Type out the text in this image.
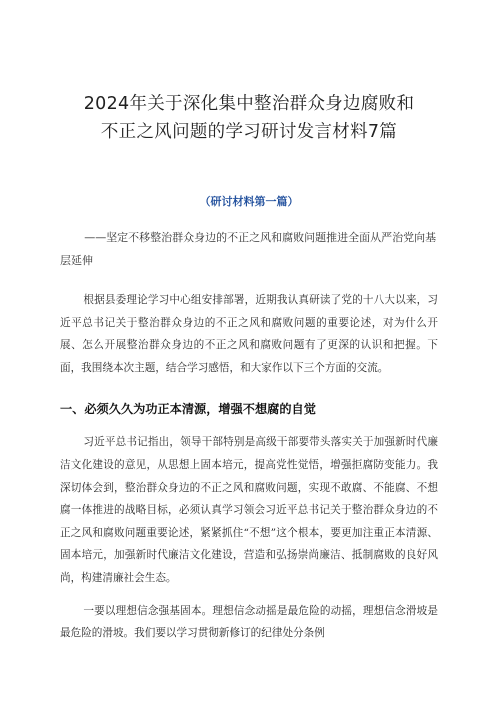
2024年关于深化集中整治群众身边腐败和
不正之风问题的学习研讨发言材料7篇
（研讨材料第一篇）
——坚定不移整治群众身边的不正之风和腐败问题推进全面从严治党向基层延伸

根据县委理论学习中心组安排部署，近期我认真研读了党的十八大以来，习近平总书记关于整治群众身边的不正之风和腐败问题的重要论述，对为什么开展、怎么开展整治群众身边的不正之风和腐败问题有了更深的认识和把握。下面，我围绕本次主题，结合学习感悟，和大家作以下三个方面的交流。

一、必须久久为功正本清源，增强不想腐的自觉

习近平总书记指出，领导干部特别是高级干部要带头落实关于加强新时代廉洁文化建设的意见，从思想上固本培元，提高党性觉悟，增强拒腐防变能力。我深切体会到，整治群众身边的不正之风和腐败问题，实现不敢腐、不能腐、不想腐一体推进的战略目标，必须认真学习领会习近平总书记关于整治群众身边的不正之风和腐败问题重要论述，紧紧抓住“不想”这个根本，要更加注重正本清源、固本培元，加强新时代廉洁文化建设，营造和弘扬崇尚廉洁、抵制腐败的良好风尚，构建清廉社会生态。

一要以理想信念强基固本。理想信念动摇是最危险的动摇，理想信念滑坡是最危险的滑坡。我们要以学习贯彻新修订的纪律处分条例
